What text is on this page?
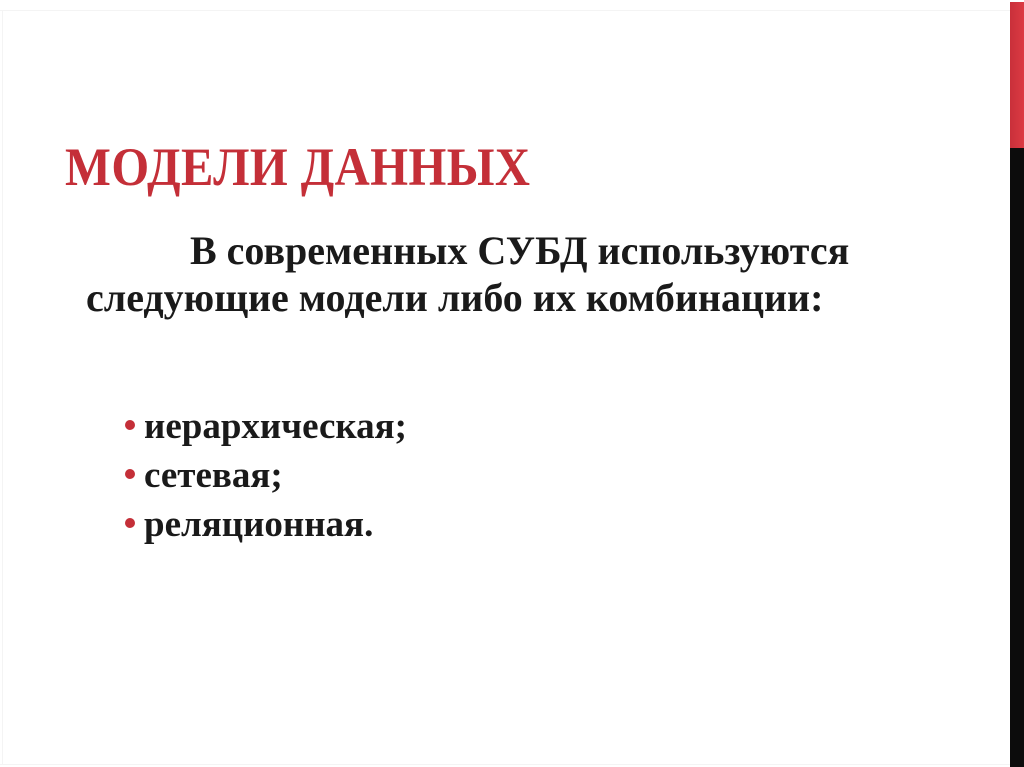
МОДЕЛИ ДАННЫХ
В современных СУБД используются
следующие модели либо их комбинации:
иерархическая;
сетевая;
реляционная.
